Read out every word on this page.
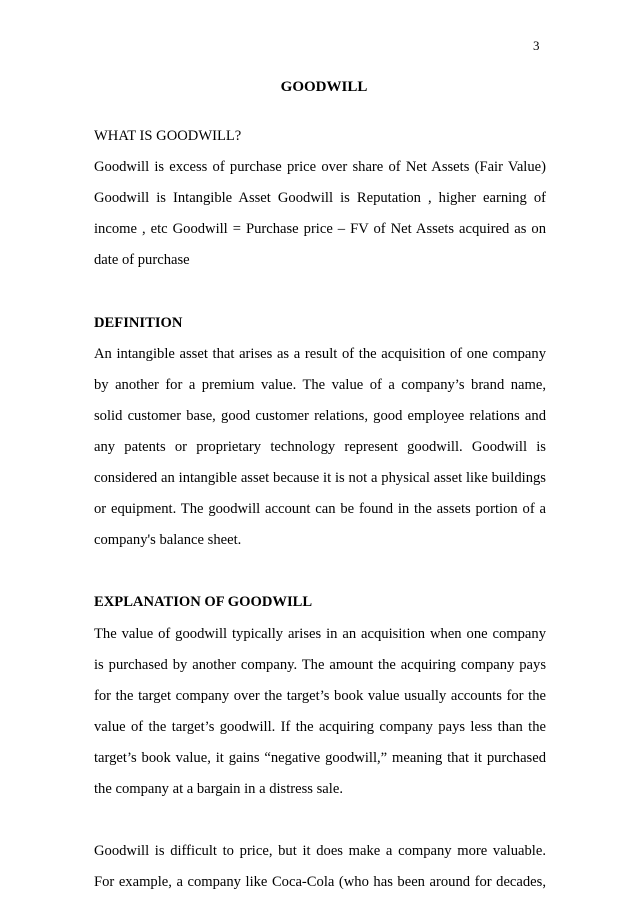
3
GOODWILL
WHAT IS GOODWILL?
Goodwill is excess of purchase price over share of Net Assets (Fair Value)
Goodwill is Intangible Asset Goodwill is Reputation , higher earning of
income , etc Goodwill = Purchase price – FV of Net Assets acquired as on
date of purchase
DEFINITION
An intangible asset that arises as a result of the acquisition of one company
by another for a premium value. The value of a company’s brand name,
solid customer base, good customer relations, good employee relations and
any patents or proprietary technology represent goodwill. Goodwill is
considered an intangible asset because it is not a physical asset like buildings
or equipment. The goodwill account can be found in the assets portion of a
company's balance sheet.
EXPLANATION OF GOODWILL
The value of goodwill typically arises in an acquisition when one company
is purchased by another company. The amount the acquiring company pays
for the target company over the target’s book value usually accounts for the
value of the target’s goodwill. If the acquiring company pays less than the
target’s book value, it gains “negative goodwill,” meaning that it purchased
the company at a bargain in a distress sale.
Goodwill is difficult to price, but it does make a company more valuable.
For example, a company like Coca-Cola (who has been around for decades,
